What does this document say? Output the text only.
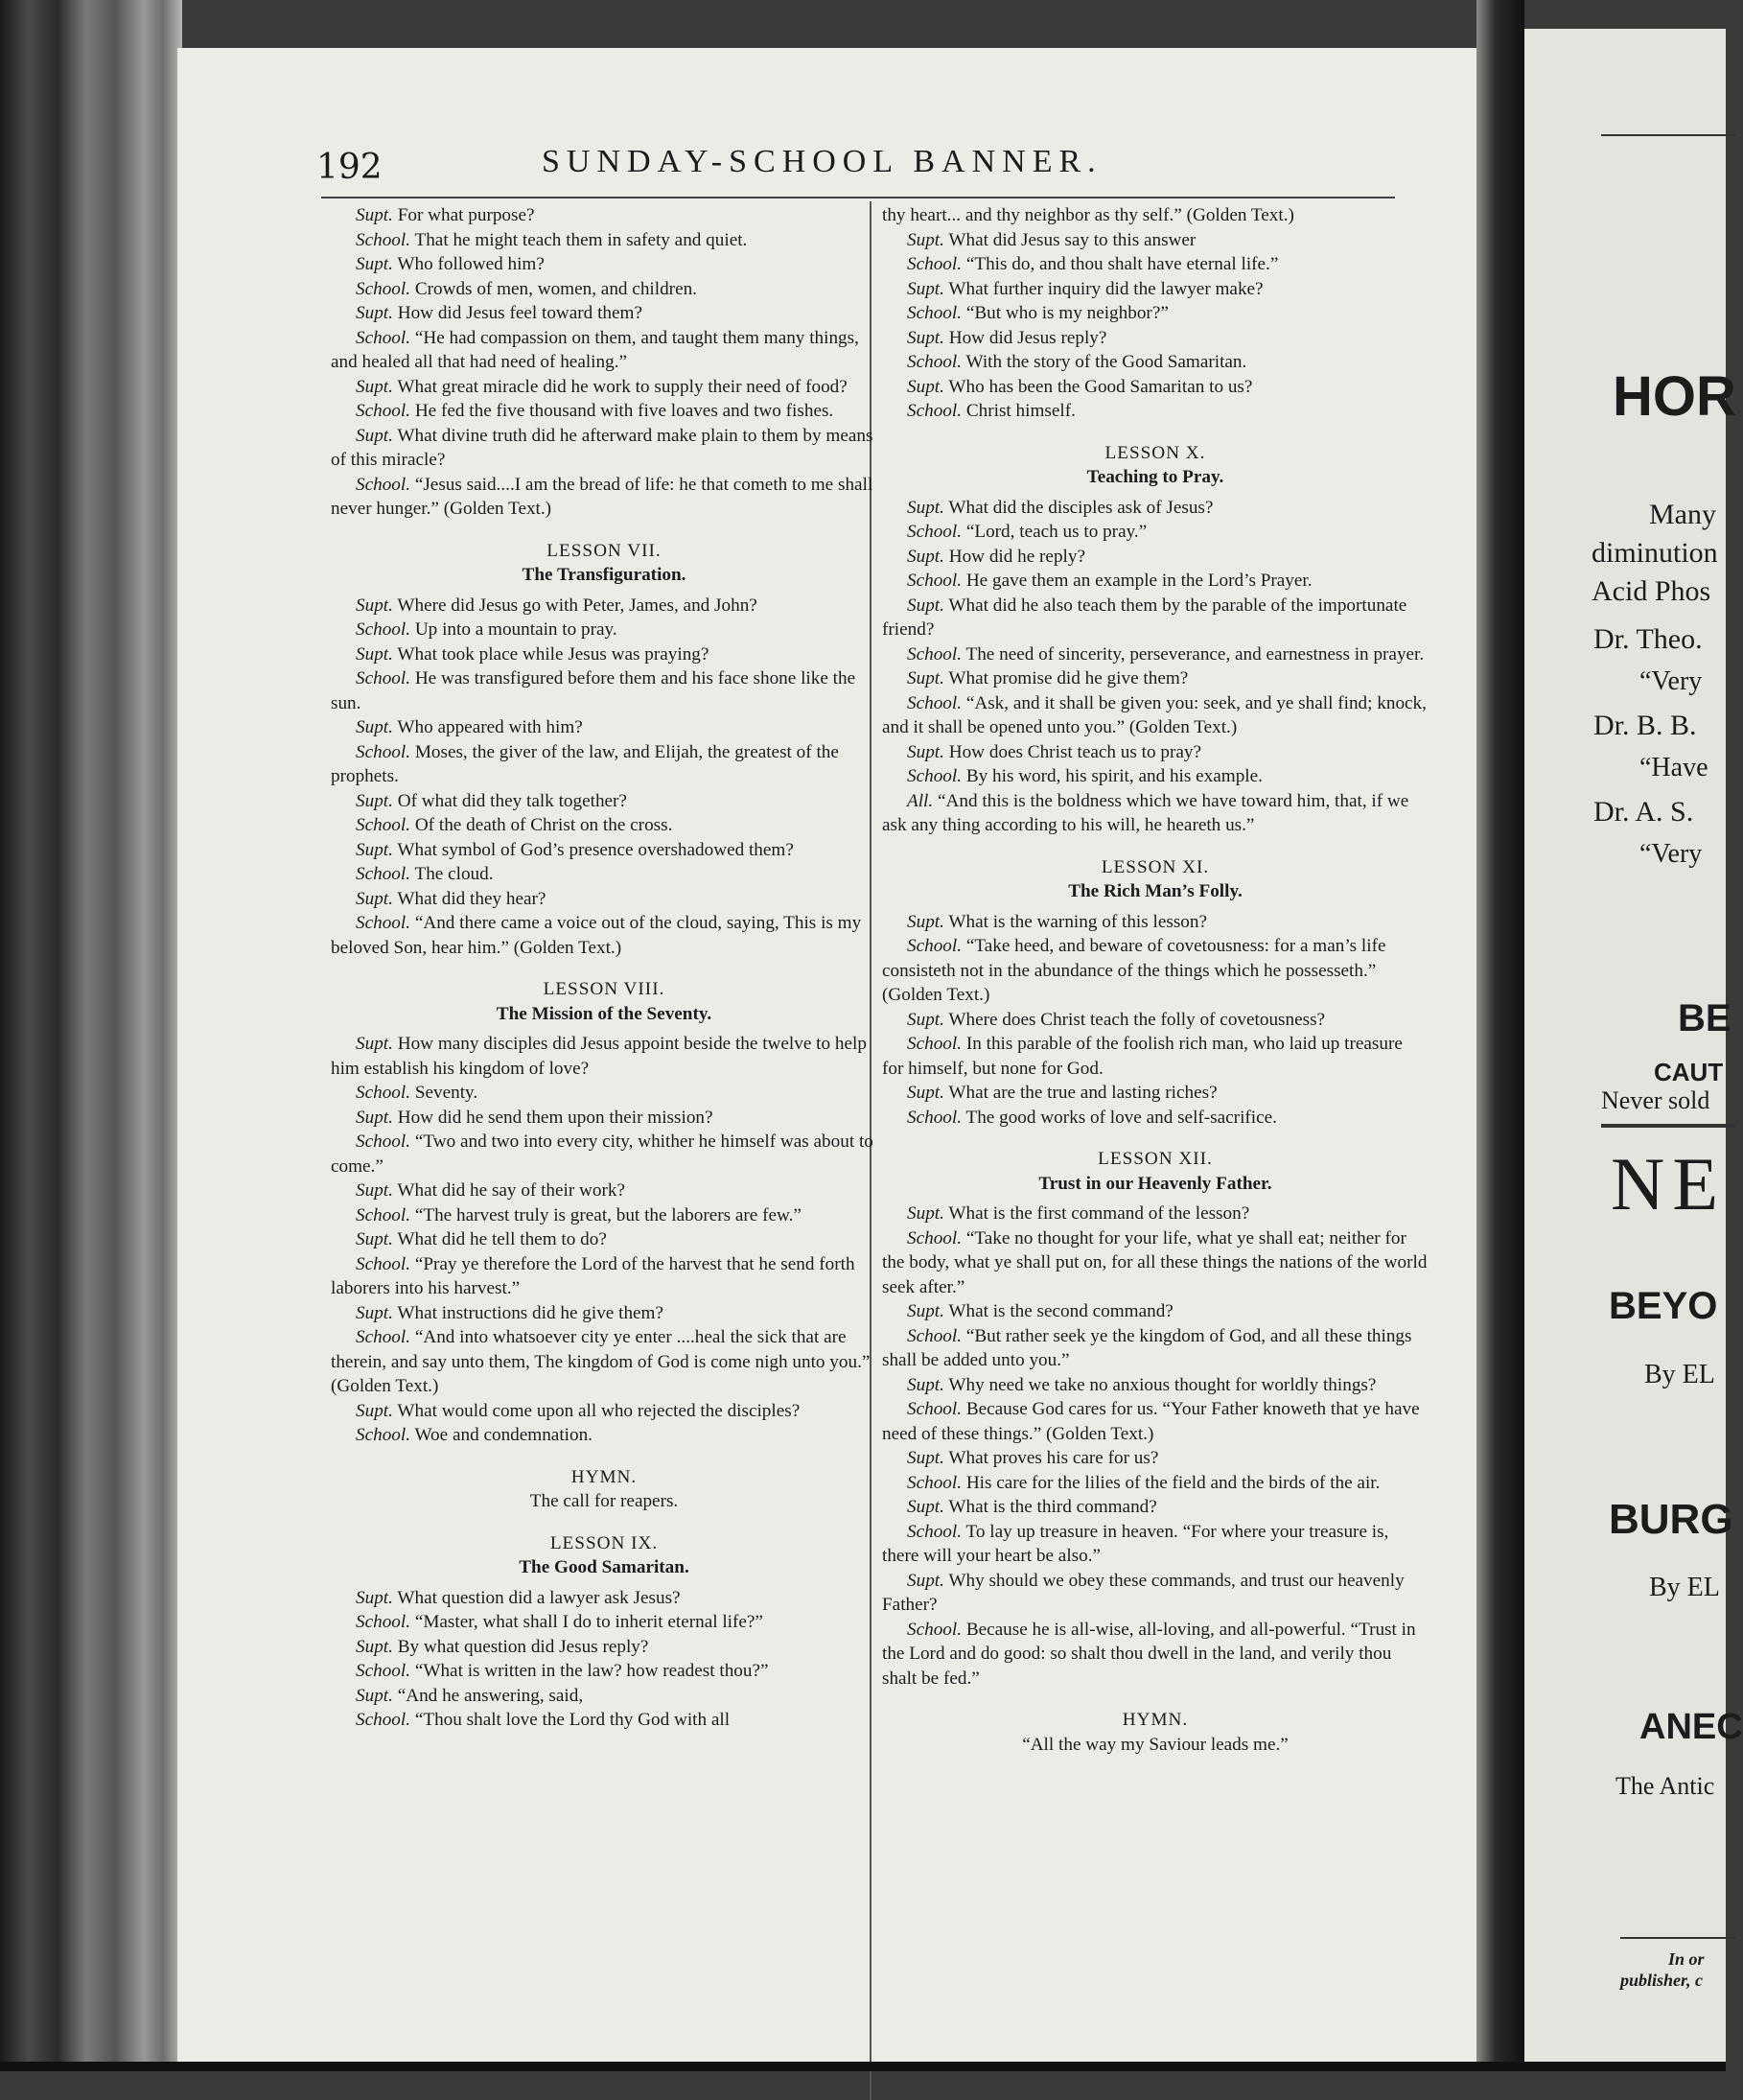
192	SUNDAY-SCHOOL BANNER.

Supt. For what purpose?

School. That he might teach them in safety and quiet.

Supt. Who followed him?

School. Crowds of men, women, and children.

Supt. How did Jesus feel toward them?

School. “He had compassion on them, and taught them many things, and healed all that had need of healing.”

Supt. What great miracle did he work to supply their need of food?

School. He fed the five thousand with five loaves and two fishes.

Supt. What divine truth did he afterward make plain to them by means of this miracle?

School. “Jesus said....I am the bread of life: he that cometh to me shall never hunger.” (Golden Text.)

LESSON VII.

The Transfiguration.

Supt. Where did Jesus go with Peter, James, and John?

School. Up into a mountain to pray.

Supt. What took place while Jesus was praying?

School. He was transfigured before them and his face shone like the sun.

Supt. Who appeared with him?

School. Moses, the giver of the law, and Elijah, the greatest of the prophets.

Supt. Of what did they talk together?

School. Of the death of Christ on the cross.

Supt. What symbol of God’s presence overshadowed them?

School. The cloud.

Supt. What did they hear?

School. “And there came a voice out of the cloud, saying, This is my beloved Son, hear him.” (Golden Text.)

LESSON VIII.

The Mission of the Seventy.

Supt. How many disciples did Jesus appoint beside the twelve to help him establish his kingdom of love?

School. Seventy.

Supt. How did he send them upon their mission?

School. “Two and two into every city, whither he himself was about to come.”

Supt. What did he say of their work?

School. “The harvest truly is great, but the laborers are few.”

Supt. What did he tell them to do?

School. “Pray ye therefore the Lord of the harvest that he send forth laborers into his harvest.”

Supt. What instructions did he give them?

School. “And into whatsoever city ye enter ....heal the sick that are therein, and say unto them, The kingdom of God is come nigh unto you.” (Golden Text.)

Supt. What would come upon all who rejected the disciples?

School. Woe and condemnation.

HYMN.

The call for reapers.

LESSON IX.

The Good Samaritan.

Supt. What question did a lawyer ask Jesus?

School. “Master, what shall I do to inherit eternal life?”

Supt. By what question did Jesus reply?

School. “What is written in the law? how readest thou?”

Supt. “And he answering, said,

School. “Thou shalt love the Lord thy God with all

thy heart... and thy neighbor as thy self.” (Golden Text.)

Supt. What did Jesus say to this answer

School. “This do, and thou shalt have eternal life.”

Supt. What further inquiry did the lawyer make?

School. “But who is my neighbor?”

Supt. How did Jesus reply?

School. With the story of the Good Samaritan.

Supt. Who has been the Good Samaritan to us?

School. Christ himself.

LESSON X.

Teaching to Pray.

Supt. What did the disciples ask of Jesus?

School. “Lord, teach us to pray.”

Supt. How did he reply?

School. He gave them an example in the Lord’s Prayer.

Supt. What did he also teach them by the parable of the importunate friend?

School. The need of sincerity, perseverance, and earnestness in prayer.

Supt. What promise did he give them?

School. “Ask, and it shall be given you: seek, and ye shall find; knock, and it shall be opened unto you.” (Golden Text.)

Supt. How does Christ teach us to pray?

School. By his word, his spirit, and his example.

All. “And this is the boldness which we have toward him, that, if we ask any thing according to his will, he heareth us.”

LESSON XI.

The Rich Man’s Folly.

Supt. What is the warning of this lesson?

School. “Take heed, and beware of covetousness: for a man’s life consisteth not in the abundance of the things which he possesseth.” (Golden Text.)

Supt. Where does Christ teach the folly of covetousness?

School. In this parable of the foolish rich man, who laid up treasure for himself, but none for God.

Supt. What are the true and lasting riches?

School. The good works of love and self-sacrifice.

LESSON XII.

Trust in our Heavenly Father.

Supt. What is the first command of the lesson?

School. “Take no thought for your life, what ye shall eat; neither for the body, what ye shall put on, for all these things the nations of the world seek after.”

Supt. What is the second command?

School. “But rather seek ye the kingdom of God, and all these things shall be added unto you.”

Supt. Why need we take no anxious thought for worldly things?

School. Because God cares for us. “Your Father knoweth that ye have need of these things.” (Golden Text.)

Supt. What proves his care for us?

School. His care for the lilies of the field and the birds of the air.

Supt. What is the third command?

School. To lay up treasure in heaven. “For where your treasure is, there will your heart be also.”

Supt. Why should we obey these commands, and trust our heavenly Father?

School. Because he is all-wise, all-loving, and all-powerful. “Trust in the Lord and do good: so shalt thou dwell in the land, and verily thou shalt be fed.”

HYMN.

“All the way my Saviour leads me.”

HOR
Many
diminution
Acid Phos
Dr. Theo.
“Very
Dr. B. B.
“Have
Dr. A. S.
“Very
BE
CAUT
Never sold
NE
BEYO
By EL
BURG
By EL
ANEC
The Antic
In or
publisher, c
